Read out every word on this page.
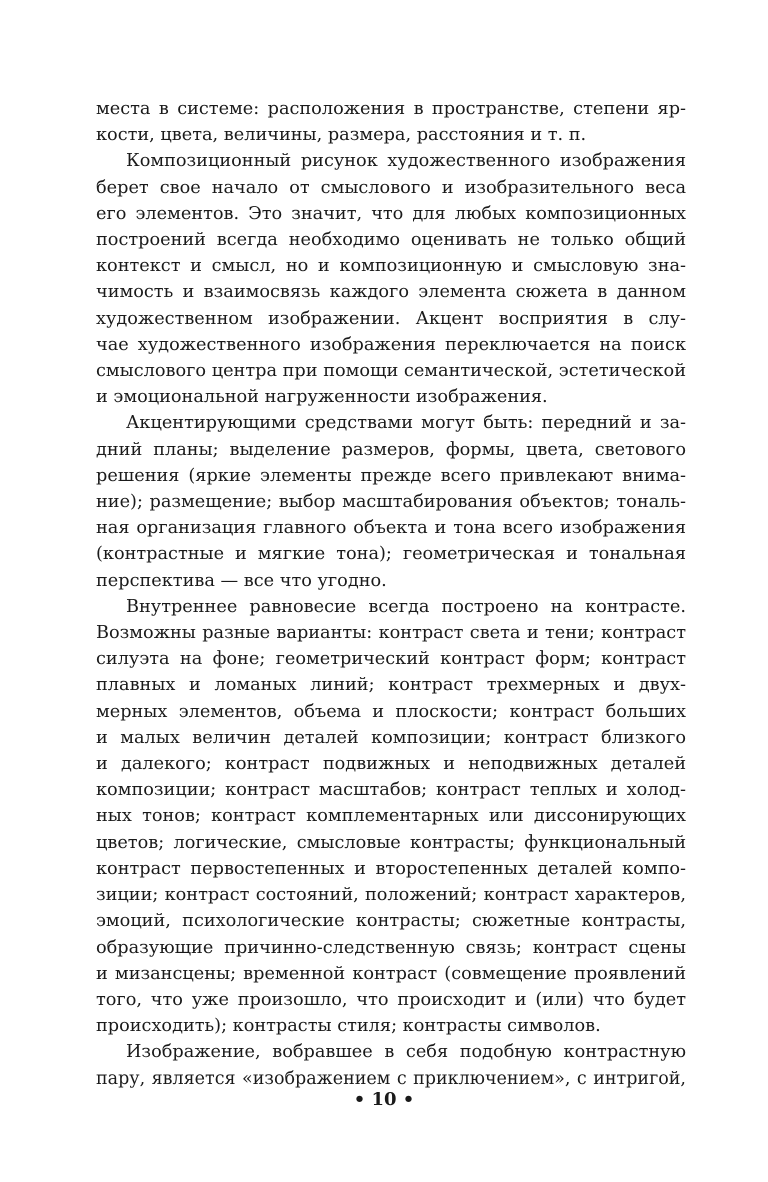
места в системе: расположения в пространстве, степени яр-
кости, цвета, величины, размера, расстояния и т. п.

Композиционный рисунок художественного изображения
берет свое начало от смыслового и изобразительного веса
его элементов. Это значит, что для любых композиционных
построений всегда необходимо оценивать не только общий
контекст и смысл, но и композиционную и смысловую зна-
чимость и взаимосвязь каждого элемента сюжета в данном
художественном изображении. Акцент восприятия в слу-
чае художественного изображения переключается на поиск
смыслового центра при помощи семантической, эстетической
и эмоциональной нагруженности изображения.

Акцентирующими средствами могут быть: передний и за-
дний планы; выделение размеров, формы, цвета, светового
решения (яркие элементы прежде всего привлекают внима-
ние); размещение; выбор масштабирования объектов; тональ-
ная организация главного объекта и тона всего изображения
(контрастные и мягкие тона); геометрическая и тональная
перспектива — все что угодно.

Внутреннее равновесие всегда построено на контрасте.
Возможны разные варианты: контраст света и тени; контраст
силуэта на фоне; геометрический контраст форм; контраст
плавных и ломаных линий; контраст трехмерных и двух-
мерных элементов, объема и плоскости; контраст больших
и малых величин деталей композиции; контраст близкого
и далекого; контраст подвижных и неподвижных деталей
композиции; контраст масштабов; контраст теплых и холод-
ных тонов; контраст комплементарных или диссонирующих
цветов; логические, смысловые контрасты; функциональный
контраст первостепенных и второстепенных деталей компо-
зиции; контраст состояний, положений; контраст характеров,
эмоций, психологические контрасты; сюжетные контрасты,
образующие причинно-следственную связь; контраст сцены
и мизансцены; временной контраст (совмещение проявлений
того, что уже произошло, что происходит и (или) что будет
происходить); контрасты стиля; контрасты символов.

Изображение, вобравшее в себя подобную контрастную
пару, является «изображением с приключением», с интригой,

• 10 •
